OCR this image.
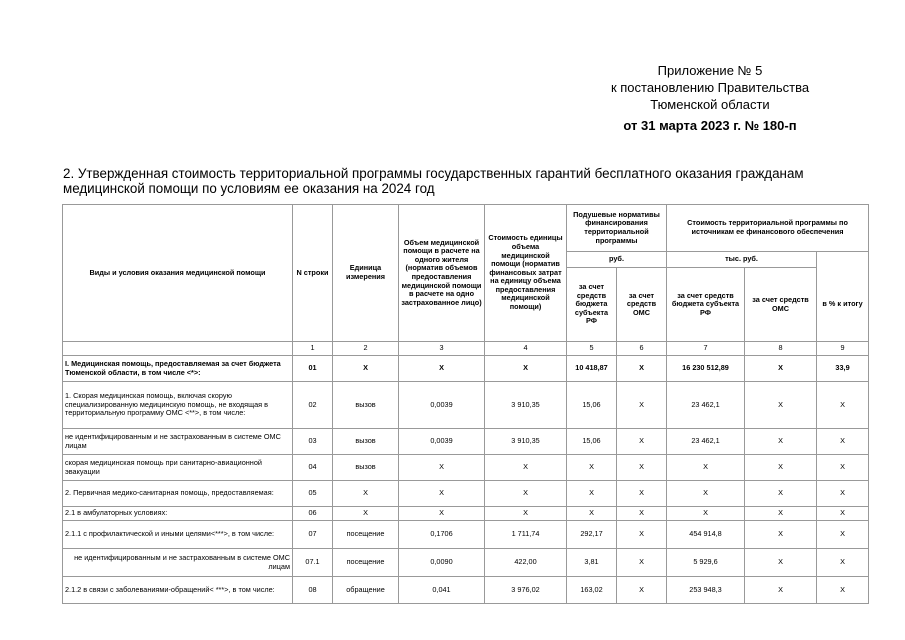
Приложение № 5
к постановлению Правительства
Тюменской области
от 31 марта 2023 г. № 180-п
2. Утвержденная стоимость территориальной программы государственных гарантий бесплатного оказания гражданам медицинской помощи по условиям ее оказания на 2024 год
Виды и условия оказания медицинской помощи	N строки	Единица измерения	Объем медицинской помощи в расчете на одного жителя (норматив объемов предоставления медицинской помощи в расчете на одно застрахованное лицо)	Стоимость единицы объема медицинской помощи (норматив финансовых затрат на единицу объема предоставления медицинской помощи)	Подушевые нормативы финансирования территориальной программы		Стоимость территориальной программы по источникам ее финансового обеспечения		
					руб.		тыс. руб.		
					за счет средств бюджета субъекта РФ	за счет средств ОМС	за счет средств бюджета субъекта РФ	за счет средств ОМС	в % к итогу
	1	2	3	4	5	6	7	8	9
I. Медицинская помощь, предоставляемая за счет бюджета Тюменской области, в том числе <*>:	01	Х	Х	Х	10 418,87	Х	16 230 512,89	Х	33,9
1. Скорая медицинская помощь, включая скорую специализированную медицинскую помощь, не входящая в территориальную программу ОМС <**>, в том числе:	02	вызов	0,0039	3 910,35	15,06	Х	23 462,1	Х	Х
не идентифицированным и не застрахованным в системе ОМС лицам	03	вызов	0,0039	3 910,35	15,06	Х	23 462,1	Х	Х
скорая медицинская помощь при санитарно-авиационной эвакуации	04	вызов	Х	Х	Х	Х	Х	Х	Х
2. Первичная медико-санитарная помощь, предоставляемая:	05	Х	Х	Х	Х	Х	Х	Х	Х
2.1 в амбулаторных условиях:	06	Х	Х	Х	Х	Х	Х	Х	Х
2.1.1 с профилактической и иными целями<***>, в том числе:	07	посещение	0,1706	1 711,74	292,17	Х	454 914,8	Х	Х
не идентифицированным и не застрахованным в системе ОМС лицам	07.1	посещение	0,0090	422,00	3,81	Х	5 929,6	Х	Х
2.1.2 в связи с заболеваниями-обращений< ***>, в том числе:	08	обращение	0,041	3 976,02	163,02	Х	253 948,3	Х	Х
